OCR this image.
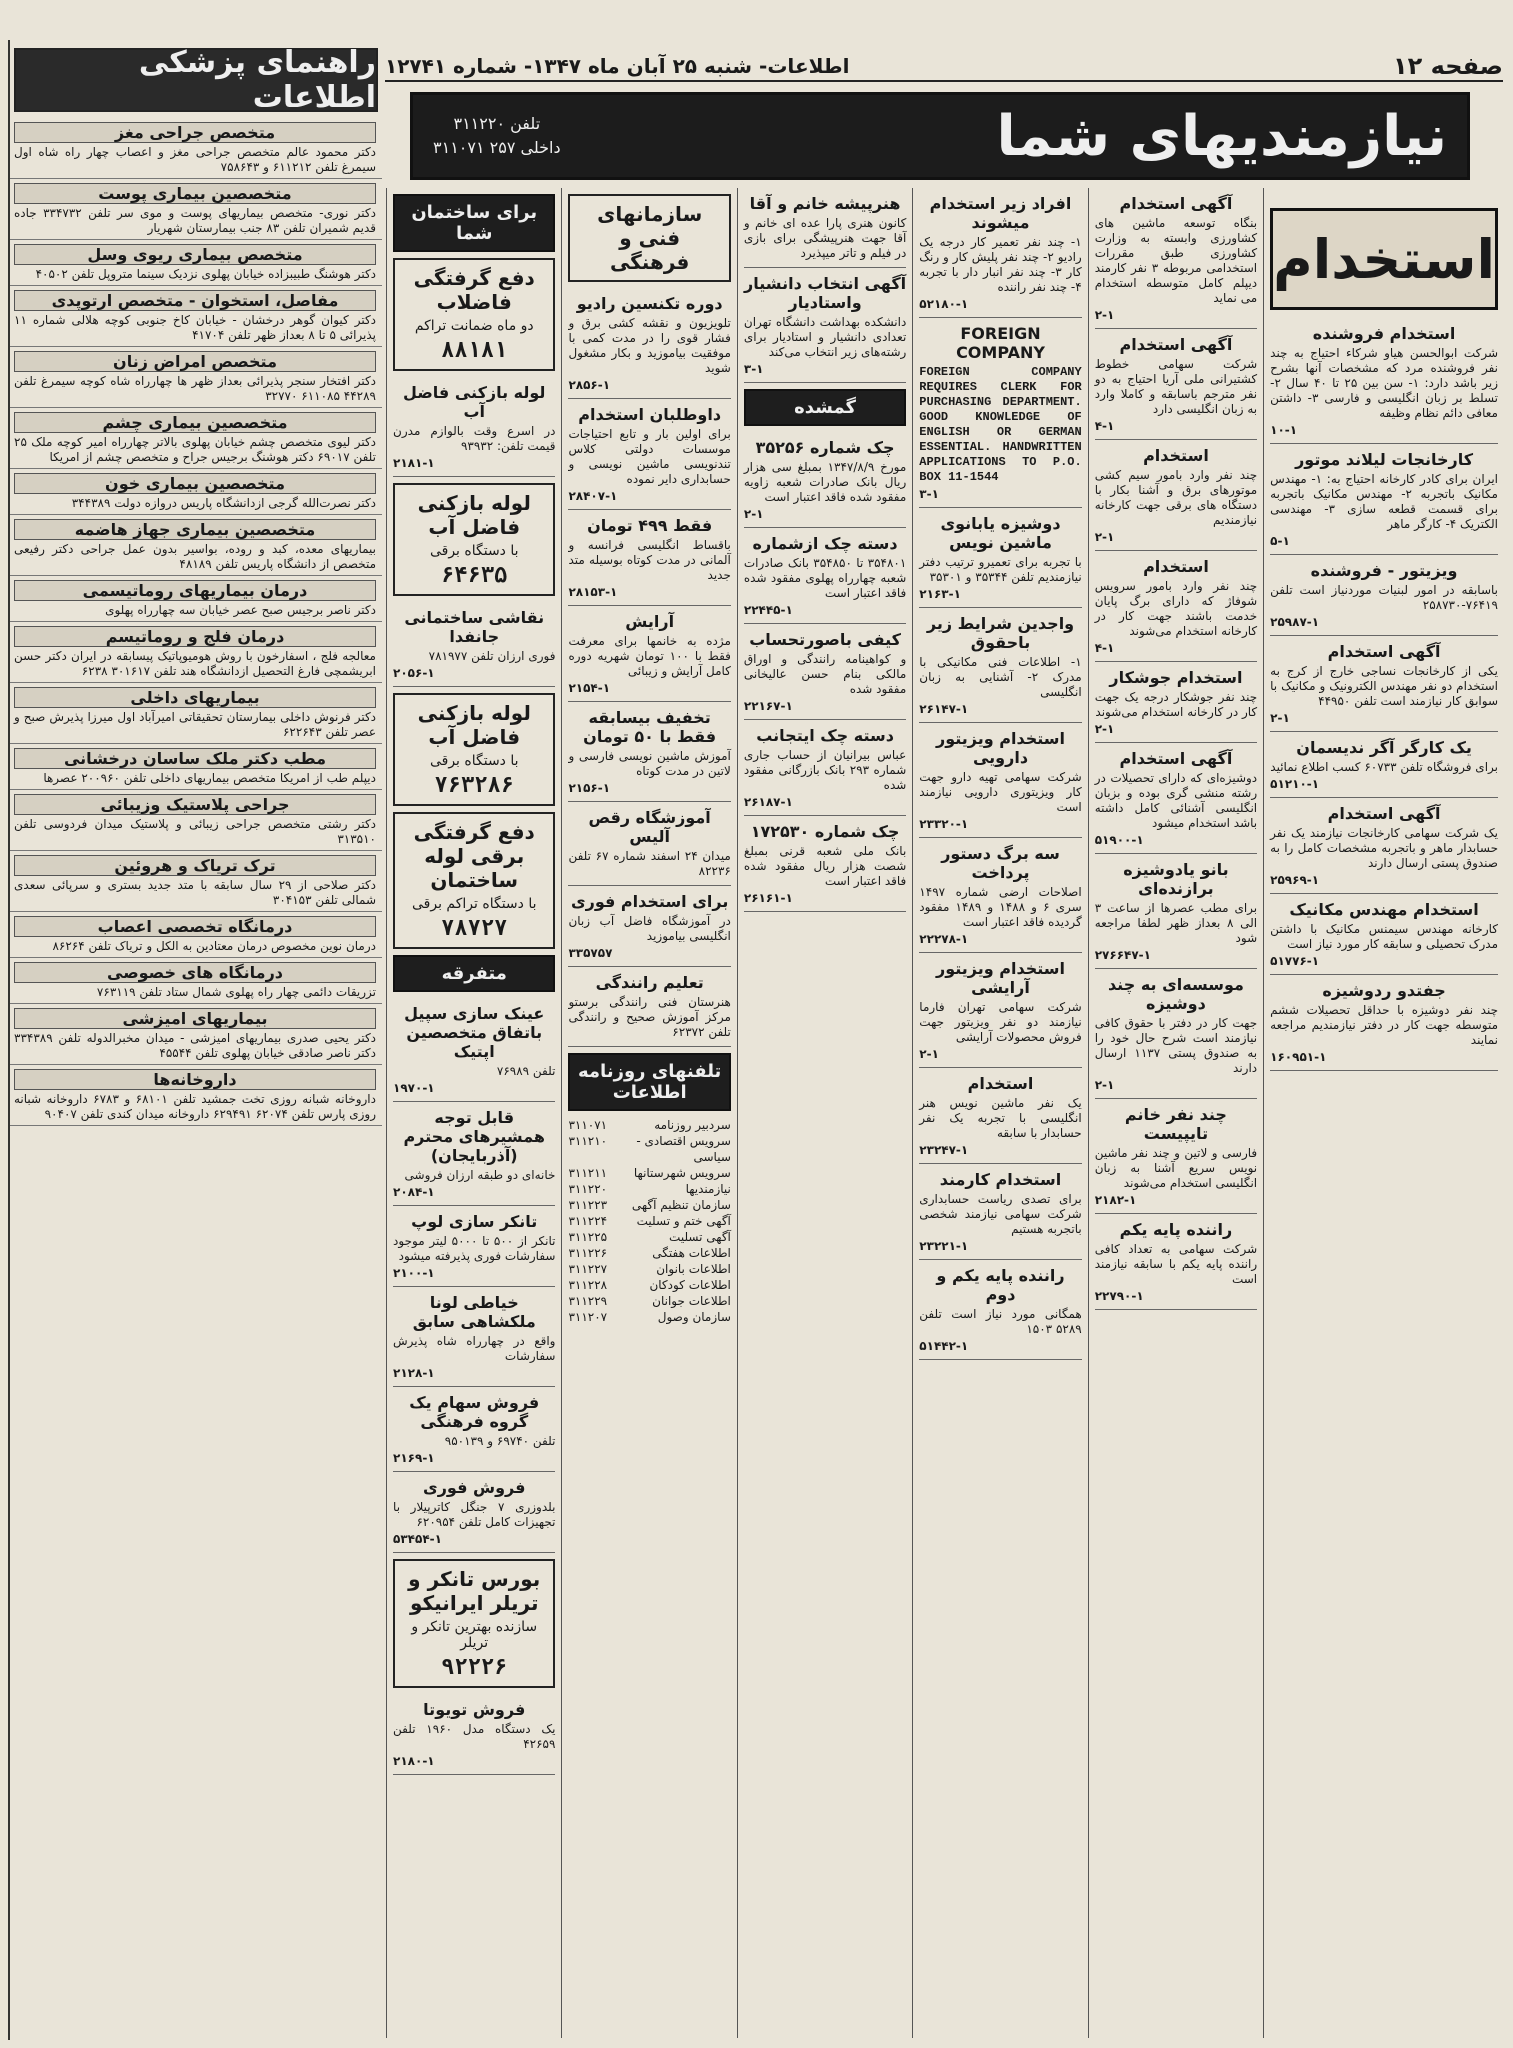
صفحه ۱۲
اطلاعات- شنبه ۲۵ آبان ماه ۱۳۴۷- شماره ۱۲۷۴۱
نیازمندیهای شما
تلفن ۳۱۱۲۲۰
داخلی ۲۵۷ ۳۱۱۰۷۱
راهنمای پزشکی اطلاعات
متخصص جراحی مغز

دکتر محمود عالم متخصص جراحی مغز و اعصاب چهار راه شاه اول سیمرغ تلفن ۶۱۱۲۱۲ و ۷۵۸۶۴۳

متخصصین بیماری پوست

دکتر نوری- متخصص بیماریهای پوست و موی سر تلفن ۳۳۴۷۳۲ جاده قدیم شمیران تلفن ۸۳ جنب بیمارستان شهریار

متخصص بیماری ریوی وسل

دکتر هوشنگ طبیبزاده خیابان پهلوی نزدیک سینما متروپل تلفن ۴۰۵۰۲

مفاصل، استخوان - متخصص ارتوپدی

دکتر کیوان گوهر درخشان - خیابان کاخ جنوبی کوچه هلالی شماره ۱۱ پذیرائی ۵ تا ۸ بعداز ظهر تلفن ۴۱۷۰۴

متخصص امراض زنان

دکتر افتخار سنجر پذیرائی بعداز ظهر ها چهارراه شاه کوچه سیمرغ تلفن ۴۴۲۸۹ ۶۱۱۰۸۵ ۳۲۷۷۰

متخصصین بیماری چشم

دکتر لیوی متخصص چشم خیابان پهلوی بالاتر چهارراه امیر کوچه ملک ۲۵ تلفن ۶۹۰۱۷ دکتر هوشنگ برجیس جراح و متخصص چشم از امریکا

متخصصین بیماری خون

دکتر نصرت‌الله گرجی ازدانشگاه پاریس دروازه دولت ۳۴۴۳۸۹

متخصصین بیماری جهاز هاضمه

بیماریهای معده، کبد و روده، بواسیر بدون عمل جراحی دکتر رفیعی متخصص از دانشگاه پاریس تلفن ۴۸۱۸۹

درمان بیماریهای روماتیسمی

دکتر ناصر برجیس صبح عصر خیابان سه چهارراه پهلوی

درمان فلج و روماتیسم

معالجه فلج ، اسفارخون با روش هومیوپاتیک پیسابقه در ایران دکتر حسن ابریشمچی فارغ التحصیل ازدانشگاه هند تلفن ۳۰۱۶۱۷ ۶۲۳۸

بیماریهای داخلی

دکتر فرنوش داخلی بیمارستان تحقیقاتی امیرآباد اول میرزا پذیرش صبح و عصر تلفن ۶۲۲۶۴۳

مطب دکتر ملک ساسان درخشانی

دیپلم طب از امریکا متخصص بیماریهای داخلی تلفن ۲۰۰۹۶۰ عصرها

جراحی پلاستیک وزیبائی

دکتر رشتی متخصص جراحی زیبائی و پلاستیک میدان فردوسی تلفن ۳۱۳۵۱۰

ترک تریاک و هروئین

دکتر صلاحی از ۲۹ سال سابقه با متد جدید بستری و سرپائی سعدی شمالی تلفن ۳۰۴۱۵۳

درمانگاه تخصصی اعصاب

درمان نوین مخصوص درمان معتادین به الکل و تریاک تلفن ۸۶۲۶۴

درمانگاه های خصوصی

تزریقات دائمی چهار راه پهلوی شمال ستاد تلفن ۷۶۳۱۱۹

بیماریهای امیزشی

دکتر یحیی صدری بیماریهای امیزشی - میدان مخبرالدوله تلفن ۳۳۴۳۸۹ دکتر ناصر صادقی خیابان پهلوی تلفن ۴۵۵۴۴

داروخانه‌ها

داروخانه شبانه روزی تخت جمشید تلفن ۶۸۱۰۱ و ۶۷۸۳ داروخانه شبانه روزی پارس تلفن ۶۲۰۷۴ ۶۲۹۴۹۱ داروخانه میدان کندی تلفن ۹۰۴۰۷

استخدام
استخدام فروشنده

شرکت ابوالحسن هیاو شرکاء احتیاج به چند نفر فروشنده مرد که مشخصات آنها بشرح زیر باشد دارد: ۱- سن بین ۲۵ تا ۴۰ سال ۲- تسلط بر زبان انگلیسی و فارسی ۳- داشتن معافی دائم نظام وظیفه

۱۰-۱
کارخانجات لیلاند موتور

ایران برای کادر کارخانه احتیاج به: ۱- مهندس مکانیک باتجربه ۲- مهندس مکانیک باتجربه برای قسمت قطعه سازی ۳- مهندسی الکتریک ۴- کارگر ماهر

۵-۱
ویزیتور - فروشنده

باسابقه در امور لبنیات موردنیاز است تلفن ۷۶۴۱۹-۲۵۸۷۳۰

۲۵۹۸۷-۱
آگهی استخدام

یکی از کارخانجات نساجی خارج از کرج به استخدام دو نفر مهندس الکترونیک و مکانیک با سوابق کار نیازمند است تلفن ۴۴۹۵۰

۲-۱
یک کارگر آگر ندیسمان

برای فروشگاه تلفن ۶۰۷۳۳ کسب اطلاع نمائید

۵۱۲۱۰-۱
آگهی استخدام

یک شرکت سهامی کارخانجات نیازمند یک نفر حسابدار ماهر و باتجربه مشخصات کامل را به صندوق پستی ارسال دارند

۲۵۹۶۹-۱
استخدام مهندس مکانیک

کارخانه مهندس سیمنس مکانیک با داشتن مدرک تحصیلی و سابقه کار مورد نیاز است

۵۱۷۷۶-۱
جفتدو ردوشیزه

چند نفر دوشیزه با حداقل تحصیلات ششم متوسطه جهت کار در دفتر نیازمندیم مراجعه نمایند

۱۶۰۹۵۱-۱
آگهی استخدام

بنگاه توسعه ماشین های کشاورزی وابسته به وزارت کشاورزی طبق مقررات استخدامی مربوطه ۳ نفر کارمند دیپلم کامل متوسطه استخدام می نماید

۲-۱
آگهی استخدام

شرکت سهامی خطوط کشتیرانی ملی آریا احتیاج به دو نفر مترجم باسابقه و کاملا وارد به زبان انگلیسی دارد

۴-۱
استخدام

چند نفر وارد بامور سیم کشی موتورهای برق و آشنا بکار با دستگاه های برقی جهت کارخانه نیازمندیم

۲-۱
استخدام

چند نفر وارد بامور سرویس شوفاژ که دارای برگ پایان خدمت باشند جهت کار در کارخانه استخدام می‌شوند

۴-۱
استخدام جوشکار

چند نفر جوشکار درجه یک جهت کار در کارخانه استخدام می‌شوند

۲-۱
آگهی استخدام

دوشیزه‌ای که دارای تحصیلات در رشته منشی گری بوده و بزبان انگلیسی آشنائی کامل داشته باشد استخدام میشود

۵۱۹۰۰-۱
بانو یادوشیزه برازنده‌ای

برای مطب عصرها از ساعت ۳ الی ۸ بعداز ظهر لطفا مراجعه شود

۲۷۶۶۴۷-۱
موسسه‌ای به چند دوشیزه

جهت کار در دفتر با حقوق کافی نیازمند است شرح حال خود را به صندوق پستی ۱۱۳۷ ارسال دارند

۲-۱
چند نفر خانم تایپیست

فارسی و لاتین و چند نفر ماشین نویس سریع آشنا به زبان انگلیسی استخدام می‌شوند

۲۱۸۲-۱
راننده پایه یکم

شرکت سهامی به تعداد کافی راننده پایه یکم با سابقه نیازمند است

۲۲۷۹۰-۱
افراد زیر استخدام میشوند

۱- چند نفر تعمیر کار درجه یک رادیو ۲- چند نفر پلیش کار و رنگ کار ۳- چند نفر انبار دار با تجربه ۴- چند نفر راننده

۵۲۱۸۰-۱
FOREIGN COMPANY

FOREIGN COMPANY REQUIRES CLERK FOR PURCHASING DEPARTMENT. GOOD KNOWLEDGE OF ENGLISH OR GERMAN ESSENTIAL. HANDWRITTEN APPLICATIONS TO P.O. BOX 11-1544

۳-۱
دوشیزه یابانوی ماشین نویس

با تجربه برای تعمیرو ترتیب دفتر نیازمندیم تلفن ۳۵۳۴۴ و ۳۵۳۰۱

۲۱۶۳-۱
واجدین شرایط زیر باحقوق

۱- اطلاعات فنی مکانیکی با مدرک ۲- آشنایی به زبان انگلیسی

۲۶۱۴۷-۱
استخدام ویزیتور دارویی

شرکت سهامی تهیه دارو جهت کار ویزیتوری دارویی نیازمند است

۲۳۳۲۰-۱
سه برگ دستور پرداخت

اصلاحات ارضی شماره ۱۴۹۷ سری ۶ و ۱۴۸۸ و ۱۴۸۹ مفقود گردیده فاقد اعتبار است

۲۲۲۷۸-۱
استخدام ویزیتور آرایشی

شرکت سهامی تهران فارما نیازمند دو نفر ویزیتور جهت فروش محصولات آرایشی

۲-۱
استخدام

یک نفر ماشین نویس هنر انگلیسی با تجربه یک نفر حسابدار با سابقه

۲۳۲۴۷-۱
استخدام کارمند

برای تصدی ریاست حسابداری شرکت سهامی نیازمند شخصی باتجربه هستیم

۲۳۲۲۱-۱
راننده پایه یکم و دوم

همگانی مورد نیاز است تلفن ۵۲۸۹ ۱۵۰۳

۵۱۴۴۲-۱
هنرپیشه خانم و آقا

کانون هنری پارا عده ای خانم و آقا جهت هنرپیشگی برای بازی در فیلم و تاتر میپذیرد

آگهی انتخاب دانشیار واستادیار

دانشکده بهداشت دانشگاه تهران تعدادی دانشیار و استادیار برای رشته‌های زیر انتخاب می‌کند

۳-۱
گمشده
چک شماره ۳۵۲۵۶

مورخ ۱۳۴۷/۸/۹ بمبلغ سی هزار ریال بانک صادرات شعبه زاویه مفقود شده فاقد اعتبار است

۲-۱
دسته چک ازشماره

۳۵۴۸۰۱ تا ۳۵۴۸۵۰ بانک صادرات شعبه چهارراه پهلوی مفقود شده فاقد اعتبار است

۲۲۴۴۵-۱
کیفی باصورتحساب

و کواهینامه رانندگی و اوراق مالکی بنام حسن عالیخانی مفقود شده

۲۲۱۶۷-۱
دسته چک ایتجانب

عباس بیرانیان از حساب جاری شماره ۲۹۳ بانک بازرگانی مفقود شده

۲۶۱۸۷-۱
چک شماره ۱۷۲۵۳۰

بانک ملی شعبه قرنی بمبلغ شصت هزار ریال مفقود شده فاقد اعتبار است

۲۶۱۶۱-۱
سازمانهای فنی و فرهنگی
دوره تکنسین رادیو

تلویزیون و نقشه کشی برق و فشار قوی را در مدت کمی با موفقیت بیاموزید و بکار مشغول شوید

۲۸۵۶-۱
داوطلبان استخدام

برای اولین بار و تابع احتیاجات موسسات دولتی کلاس تندنویسی ماشین نویسی و حسابداری دایر نموده

۲۸۴۰۷-۱
فقط ۴۹۹ تومان

باقساط انگلیسی فرانسه و آلمانی در مدت کوتاه بوسیله متد جدید

۲۸۱۵۳-۱
آرایش

مژده به خانمها برای معرفت فقط با ۱۰۰ تومان شهریه دوره کامل آرایش و زیبائی

۲۱۵۴-۱
تخفیف بیسابقه فقط با ۵۰ تومان

آموزش ماشین نویسی فارسی و لاتین در مدت کوتاه

۲۱۵۶-۱
آموزشگاه رقص آلیس

میدان ۲۴ اسفند شماره ۶۷ تلفن ۸۲۲۳۶

برای استخدام فوری

در آموزشگاه فاضل آب زبان انگلیسی بیاموزید

۳۳۵۷۵۷
تعلیم رانندگی

هنرستان فنی رانندگی برستو مرکز آموزش صحیح و رانندگی تلفن ۶۲۳۷۲

تلفنهای روزنامه اطلاعات
سردبیر روزنامه
۳۱۱۰۷۱
سرویس اقتصادی - سیاسی
۳۱۱۲۱۰
سرویس شهرستانها
۳۱۱۲۱۱
نیازمندیها
۳۱۱۲۲۰
سازمان تنظیم آگهی
۳۱۱۲۲۳
آگهی ختم و تسلیت
۳۱۱۲۲۴
آگهی تسلیت
۳۱۱۲۲۵
اطلاعات هفتگی
۳۱۱۲۲۶
اطلاعات بانوان
۳۱۱۲۲۷
اطلاعات کودکان
۳۱۱۲۲۸
اطلاعات جوانان
۳۱۱۲۲۹
سازمان وصول
۳۱۱۲۰۷
برای ساختمان شما
دفع گرفتگی فاضلاب
دو ماه ضمانت تراکم
۸۸۱۸۱
لوله بازکنی فاضل آب

در اسرع وقت بالوازم مدرن قیمت تلفن: ۹۳۹۳۲

۲۱۸۱-۱
لوله بازکنی فاضل آب
با دستگاه برقی
۶۴۶۳۵
نقاشی ساختمانی جانفدا

فوری ارزان تلفن ۷۸۱۹۷۷

۲۰۵۶-۱
لوله بازکنی فاضل آب
با دستگاه برقی
۷۶۳۲۸۶
دفع گرفتگی برقی لوله ساختمان
با دستگاه تراکم برقی
۷۸۷۲۷
متفرقه
عینک سازی سپیل باتفاق متخصصین اپتیک

تلفن ۷۶۹۸۹

۱۹۷۰-۱
قابل توجه همشیرهای محترم (آذربایجان)

خانه‌ای دو طبقه ارزان فروشی

۲۰۸۴-۱
تانکر سازی لوپ

تانکر از ۵۰۰ تا ۵۰۰۰ لیتر موجود سفارشات فوری پذیرفته میشود

۲۱۰۰-۱
خیاطی لونا ملکشاهی سابق

واقع در چهارراه شاه پذیرش سفارشات

۲۱۲۸-۱
فروش سهام یک گروه فرهنگی

تلفن ۶۹۷۴۰ و ۹۵۰۱۳۹

۲۱۶۹-۱
فروش فوری

بلدوزری ۷ جنگل کاترپیلار با تجهیزات کامل تلفن ۶۲۰۹۵۴

۵۳۴۵۴-۱
بورس تانکر و تریلر ایرانیکو
سازنده بهترین تانکر و تریلر
۹۲۲۲۶
فروش تویوتا

یک دستگاه مدل ۱۹۶۰ تلفن ۴۲۶۵۹

۲۱۸۰-۱
